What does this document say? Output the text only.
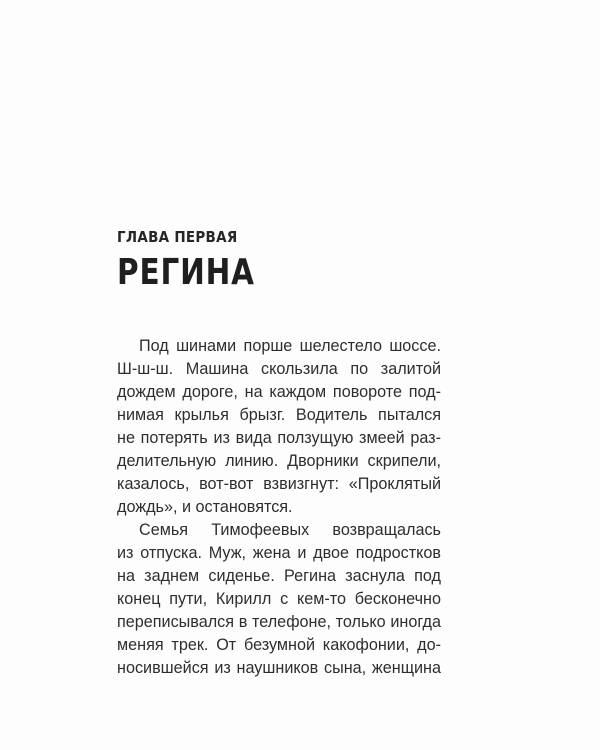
ГЛАВА ПЕРВАЯ
РЕГИНА

Под шинами порше шелестело шоссе.
Ш-ш-ш. Машина скользила по залитой
дождем дороге, на каждом повороте под-
нимая крылья брызг. Водитель пытался
не потерять из вида ползущую змеей раз-
делительную линию. Дворники скрипели,
казалось, вот-вот взвизгнут: «Проклятый
дождь», и остановятся.

Семья Тимофеевых возвращалась
из отпуска. Муж, жена и двое подростков
на заднем сиденье. Регина заснула под
конец пути, Кирилл с кем-то бесконечно
переписывался в телефоне, только иногда
меняя трек. От безумной какофонии, до-
носившейся из наушников сына, женщина
